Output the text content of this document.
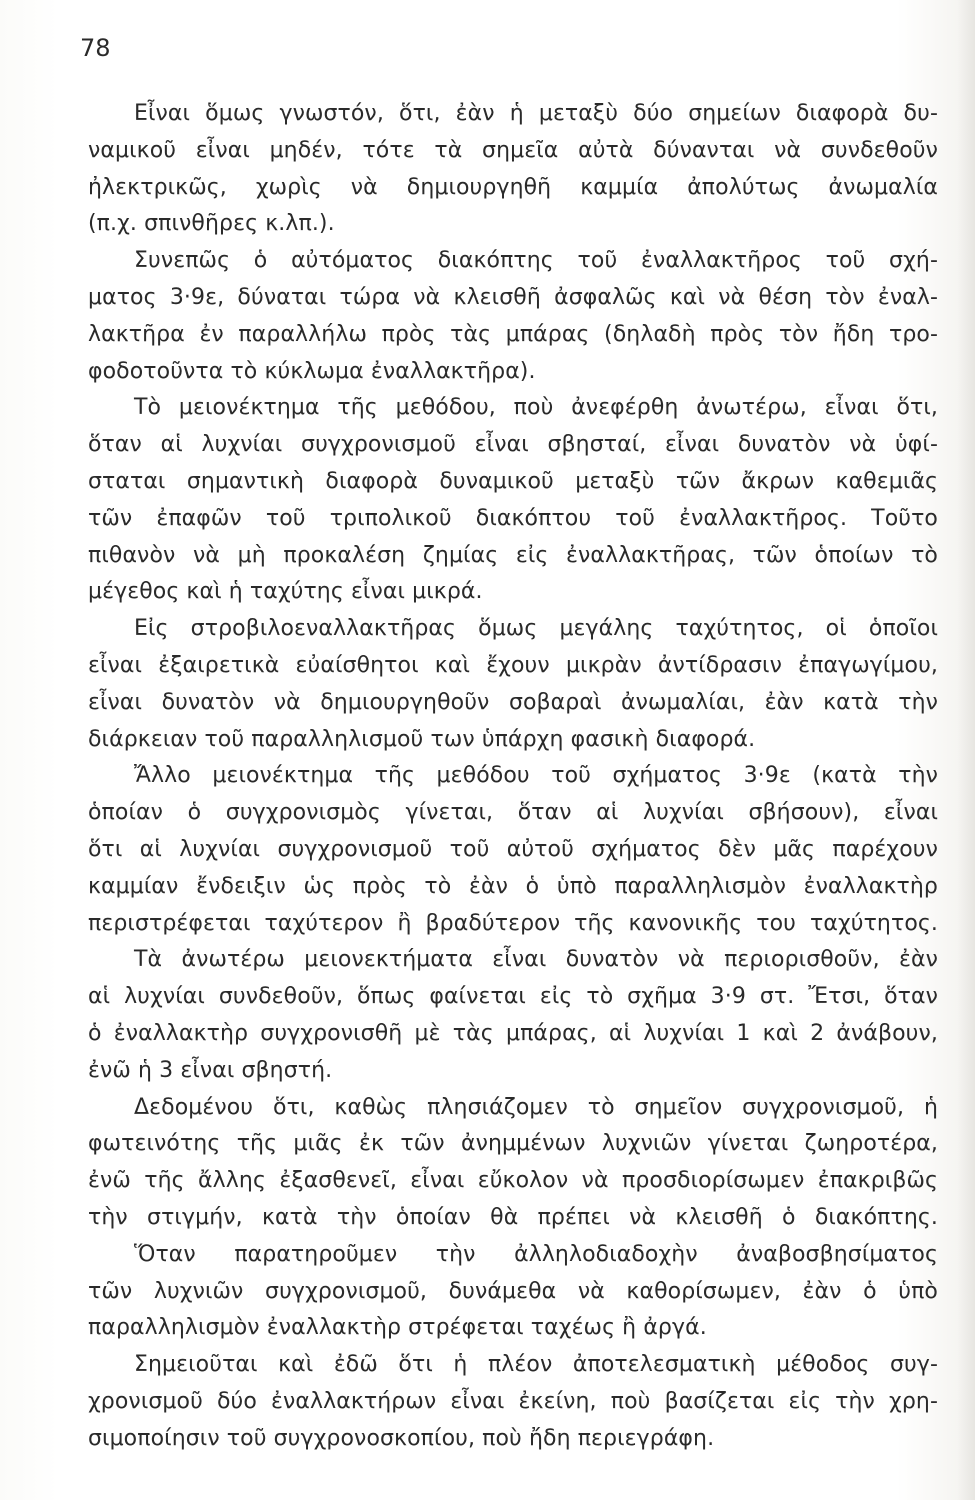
78
Εἶναι ὅμως γνωστόν, ὅτι, ἐὰν ἡ μεταξὺ δύο σημείων διαφορὰ δυ-
ναμικοῦ εἶναι μηδέν, τότε τὰ σημεῖα αὐτὰ δύνανται νὰ συνδεθοῦν
ἠλεκτρικῶς, χωρὶς νὰ δημιουργηθῆ καμμία ἀπολύτως ἀνωμαλία
(π.χ. σπινθῆρες κ.λπ.).
Συνεπῶς ὁ αὐτόματος διακόπτης τοῦ ἐναλλακτῆρος τοῦ σχή-
ματος 3·9ε, δύναται τώρα νὰ κλεισθῆ ἀσφαλῶς καὶ νὰ θέση τὸν ἐναλ-
λακτῆρα ἐν παραλλήλω πρὸς τὰς μπάρας (δηλαδὴ πρὸς τὸν ἤδη τρο-
φοδοτοῦντα τὸ κύκλωμα ἐναλλακτῆρα).
Τὸ μειονέκτημα τῆς μεθόδου, ποὺ ἀνεφέρθη ἀνωτέρω, εἶναι ὅτι,
ὅταν αἱ λυχνίαι συγχρονισμοῦ εἶναι σβησταί, εἶναι δυνατὸν νὰ ὑφί-
σταται σημαντικὴ διαφορὰ δυναμικοῦ μεταξὺ τῶν ἄκρων καθεμιᾶς
τῶν ἐπαφῶν τοῦ τριπολικοῦ διακόπτου τοῦ ἐναλλακτῆρος. Τοῦτο
πιθανὸν νὰ μὴ προκαλέση ζημίας εἰς ἐναλλακτῆρας, τῶν ὁποίων τὸ
μέγεθος καὶ ἡ ταχύτης εἶναι μικρά.
Εἰς στροβιλοεναλλακτῆρας ὅμως μεγάλης ταχύτητος, οἱ ὁποῖοι
εἶναι ἐξαιρετικὰ εὐαίσθητοι καὶ ἔχουν μικρὰν ἀντίδρασιν ἐπαγωγίμου,
εἶναι δυνατὸν νὰ δημιουργηθοῦν σοβαραὶ ἀνωμαλίαι, ἐὰν κατὰ τὴν
διάρκειαν τοῦ παραλληλισμοῦ των ὑπάρχη φασικὴ διαφορά.
Ἄλλο μειονέκτημα τῆς μεθόδου τοῦ σχήματος 3·9ε (κατὰ τὴν
ὁποίαν ὁ συγχρονισμὸς γίνεται, ὅταν αἱ λυχνίαι σβήσουν), εἶναι
ὅτι αἱ λυχνίαι συγχρονισμοῦ τοῦ αὐτοῦ σχήματος δὲν μᾶς παρέχουν
καμμίαν ἔνδειξιν ὡς πρὸς τὸ ἐὰν ὁ ὑπὸ παραλληλισμὸν ἐναλλακτὴρ
περιστρέφεται ταχύτερον ἢ βραδύτερον τῆς κανονικῆς του ταχύτητος.
Τὰ ἀνωτέρω μειονεκτήματα εἶναι δυνατὸν νὰ περιορισθοῦν, ἐὰν
αἱ λυχνίαι συνδεθοῦν, ὅπως φαίνεται εἰς τὸ σχῆμα 3·9 στ. Ἔτσι, ὅταν
ὁ ἐναλλακτὴρ συγχρονισθῆ μὲ τὰς μπάρας, αἱ λυχνίαι 1 καὶ 2 ἀνάβουν,
ἐνῶ ἡ 3 εἶναι σβηστή.
Δεδομένου ὅτι, καθὼς πλησιάζομεν τὸ σημεῖον συγχρονισμοῦ, ἡ
φωτεινότης τῆς μιᾶς ἐκ τῶν ἀνημμένων λυχνιῶν γίνεται ζωηροτέρα,
ἐνῶ τῆς ἄλλης ἐξασθενεῖ, εἶναι εὔκολον νὰ προσδιορίσωμεν ἐπακριβῶς
τὴν στιγμήν, κατὰ τὴν ὁποίαν θὰ πρέπει νὰ κλεισθῆ ὁ διακόπτης.
Ὅταν παρατηροῦμεν τὴν ἀλληλοδιαδοχὴν ἀναβοσβησίματος
τῶν λυχνιῶν συγχρονισμοῦ, δυνάμεθα νὰ καθορίσωμεν, ἐὰν ὁ ὑπὸ
παραλληλισμὸν ἐναλλακτὴρ στρέφεται ταχέως ἢ ἀργά.
Σημειοῦται καὶ ἐδῶ ὅτι ἡ πλέον ἀποτελεσματικὴ μέθοδος συγ-
χρονισμοῦ δύο ἐναλλακτήρων εἶναι ἐκείνη, ποὺ βασίζεται εἰς τὴν χρη-
σιμοποίησιν τοῦ συγχρονοσκοπίου, ποὺ ἤδη περιεγράφη.
